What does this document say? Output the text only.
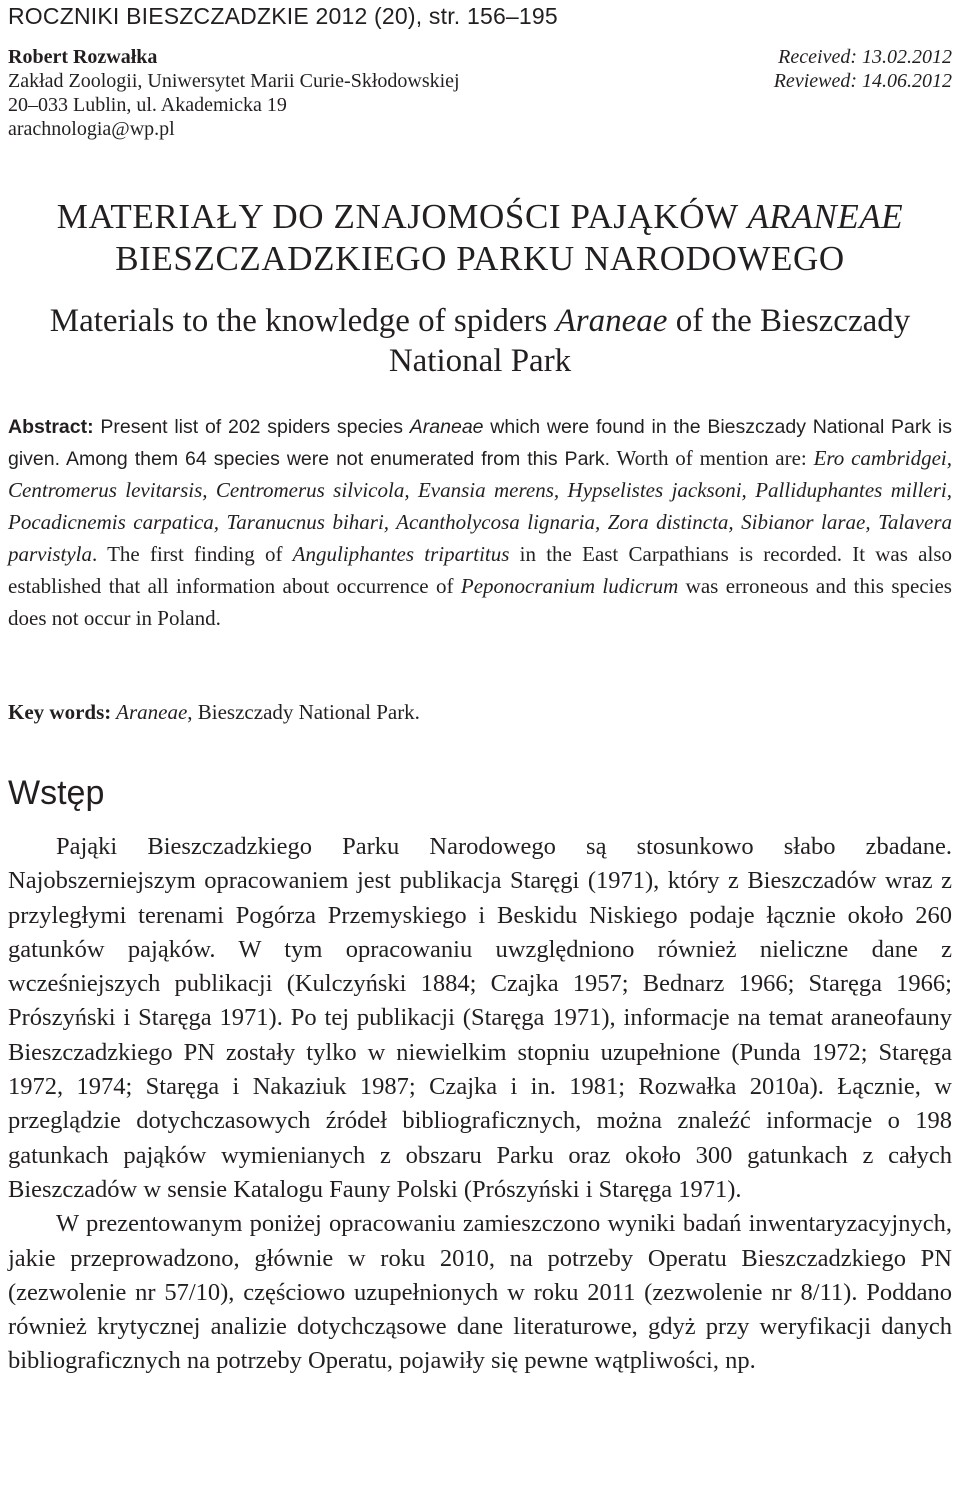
ROCZNIKI BIESZCZADZKIE 2012 (20), str. 156–195
Robert Rozwałka
Zakład Zoologii, Uniwersytet Marii Curie-Skłodowskiej
20–033 Lublin, ul. Akademicka 19
arachnologia@wp.pl
Received: 13.02.2012
Reviewed: 14.06.2012
MATERIAŁY DO ZNAJOMOŚCI PAJĄKÓW ARANEAE
BIESZCZADZKIEGO PARKU NARODOWEGO
Materials to the knowledge of spiders Araneae of the Bieszczady National Park
Abstract: Present list of 202 spiders species Araneae which were found in the Bieszczady National Park is given. Among them 64 species were not enumerated from this Park. Worth of mention are: Ero cambridgei, Centromerus levitarsis, Centromerus silvicola, Evansia merens, Hypselistes jacksoni, Palliduphantes milleri, Pocadicnemis carpatica, Taranucnus bihari, Acantholycosa lignaria, Zora distincta, Sibianor larae, Talavera parvistyla. The first finding of Anguliphantes tripartitus in the East Carpathians is recorded. It was also established that all information about occurrence of Peponocranium ludicrum was erroneous and this species does not occur in Poland.
Key words: Araneae, Bieszczady National Park.
Wstęp

Pająki Bieszczadzkiego Parku Narodowego są stosunkowo słabo zbadane. Najobszerniejszym opracowaniem jest publikacja Staręgi (1971), który z Bieszczadów wraz z przyległymi terenami Pogórza Przemyskiego i Beskidu Niskiego podaje łącznie około 260 gatunków pająków. W tym opracowaniu uwzględniono również nieliczne dane z wcześniejszych publikacji (Kulczyński 1884; Czajka 1957; Bednarz 1966; Staręga 1966; Prószyński i Staręga 1971). Po tej publikacji (Staręga 1971), informacje na temat araneofauny Bieszczadzkiego PN zostały tylko w niewielkim stopniu uzupełnione (Punda 1972; Staręga 1972, 1974; Staręga i Nakaziuk 1987; Czajka i in. 1981; Rozwałka 2010a). Łącznie, w przeglądzie dotychczasowych źródeł bibliograficznych, można znaleźć informacje o 198 gatunkach pająków wymienianych z obszaru Parku oraz około 300 gatunkach z całych Bieszczadów w sensie Katalogu Fauny Polski (Prószyński i Staręga 1971).

W prezentowanym poniżej opracowaniu zamieszczono wyniki badań inwentaryzacyjnych, jakie przeprowadzono, głównie w roku 2010, na potrzeby Operatu Bieszczadzkiego PN (zezwolenie nr 57/10), częściowo uzupełnionych w roku 2011 (zezwolenie nr 8/11). Poddano również krytycznej analizie dotychcząsowe dane literaturowe, gdyż przy weryfikacji danych bibliograficznych na potrzeby Operatu, pojawiły się pewne wątpliwości, np.
